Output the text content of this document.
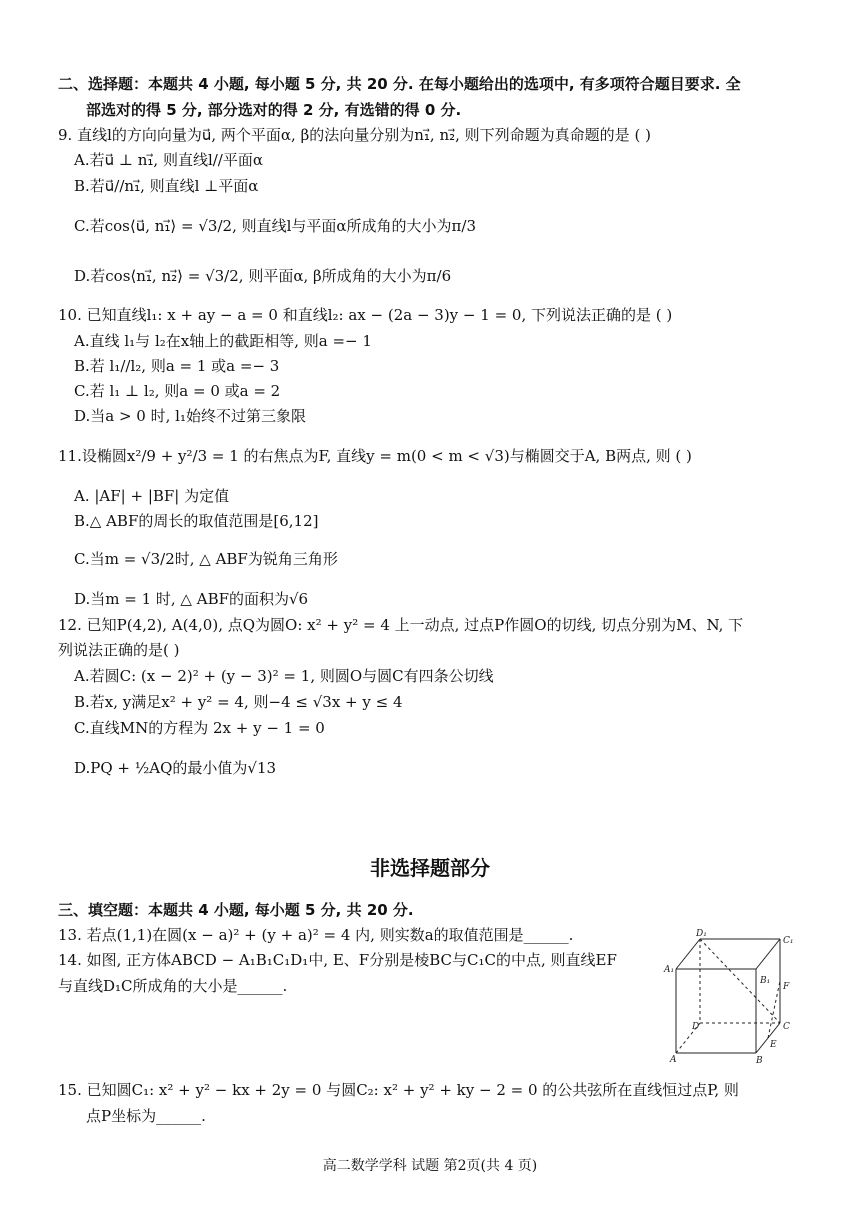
二、选择题：本题共 4 小题, 每小题 5 分, 共 20 分. 在每小题给出的选项中, 有多项符合题目要求. 全
部选对的得 5 分, 部分选对的得 2 分, 有选错的得 0 分.
9. 直线l的方向向量为u⃗, 两个平面α, β的法向量分别为n₁⃗, n₂⃗, 则下列命题为真命题的是 ( )
A.若u⃗ ⊥ n₁⃗, 则直线l//平面α
B.若u⃗//n₁⃗, 则直线l ⊥平面α
C.若cos⟨u⃗, n₁⃗⟩ = √3/2, 则直线l与平面α所成角的大小为π/3
D.若cos⟨n₁⃗, n₂⃗⟩ = √3/2, 则平面α, β所成角的大小为π/6
10. 已知直线l₁: x + ay − a = 0 和直线l₂: ax − (2a − 3)y − 1 = 0, 下列说法正确的是 ( )
A.直线 l₁与 l₂在x轴上的截距相等, 则a =− 1
B.若 l₁//l₂, 则a = 1 或a =− 3
C.若 l₁ ⊥ l₂, 则a = 0 或a = 2
D.当a > 0 时, l₁始终不过第三象限
11.设椭圆x²/9 + y²/3 = 1 的右焦点为F, 直线y = m(0 < m < √3)与椭圆交于A, B两点, 则 ( )
A. |AF| + |BF| 为定值
B.△ ABF的周长的取值范围是[6,12]
C.当m = √3/2时, △ ABF为锐角三角形
D.当m = 1 时, △ ABF的面积为√6
12. 已知P(4,2), A(4,0), 点Q为圆O: x² + y² = 4 上一动点, 过点P作圆O的切线, 切点分别为M、N, 下
列说法正确的是( )
A.若圆C: (x − 2)² + (y − 3)² = 1, 则圆O与圆C有四条公切线
B.若x, y满足x² + y² = 4, 则−4 ≤ √3x + y ≤ 4
C.直线MN的方程为 2x + y − 1 = 0
D.PQ + ½AQ的最小值为√13
非选择题部分
三、填空题：本题共 4 小题, 每小题 5 分, 共 20 分.
13. 若点(1,1)在圆(x − a)² + (y + a)² = 4 内, 则实数a的取值范围是______.
14. 如图, 正方体ABCD − A₁B₁C₁D₁中, E、F分别是棱BC与C₁C的中点, 则直线EF
与直线D₁C所成角的大小是______.
D₁
C₁
A₁
B₁
F
D	C
E
A	B
15. 已知圆C₁: x² + y² − kx + 2y = 0 与圆C₂: x² + y² + ky − 2 = 0 的公共弦所在直线恒过点P, 则
点P坐标为______.
高二数学学科 试题 第2页(共 4 页)
